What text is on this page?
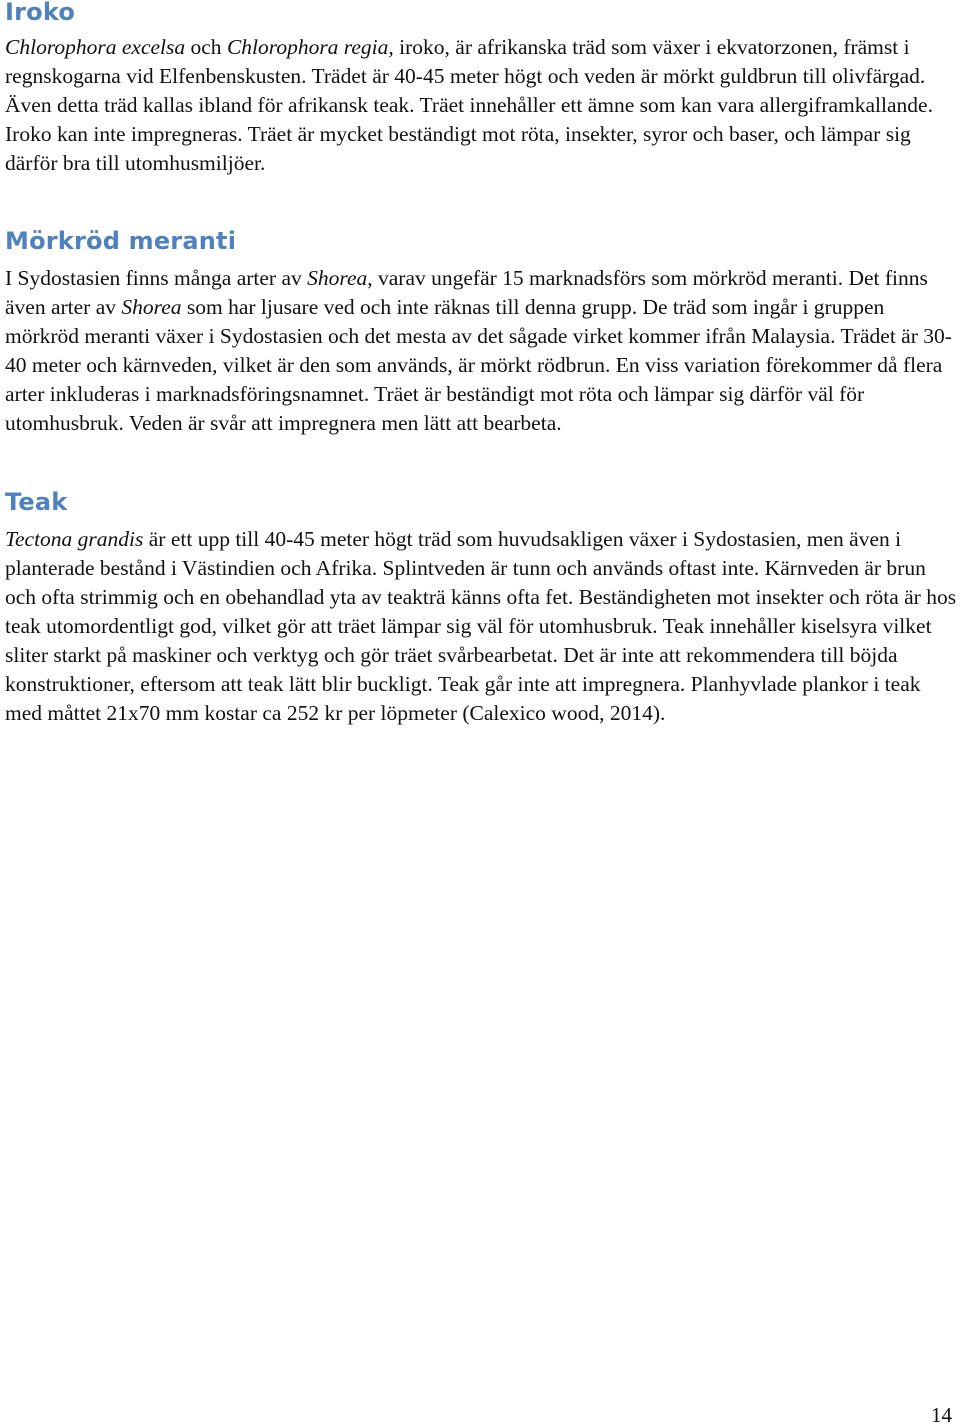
Iroko

Chlorophora excelsa och Chlorophora regia, iroko, är afrikanska träd som växer i ekvatorzonen, främst i regnskogarna vid Elfenbenskusten. Trädet är 40-45 meter högt och veden är mörkt guldbrun till olivfärgad. Även detta träd kallas ibland för afrikansk teak. Träet innehåller ett ämne som kan vara allergiframkallande. Iroko kan inte impregneras. Träet är mycket beständigt mot röta, insekter, syror och baser, och lämpar sig därför bra till utomhusmiljöer.

Mörkröd meranti

I Sydostasien finns många arter av Shorea, varav ungefär 15 marknadsförs som mörkröd meranti. Det finns även arter av Shorea som har ljusare ved och inte räknas till denna grupp. De träd som ingår i gruppen mörkröd meranti växer i Sydostasien och det mesta av det sågade virket kommer ifrån Malaysia. Trädet är 30-40 meter och kärnveden, vilket är den som används, är mörkt rödbrun. En viss variation förekommer då flera arter inkluderas i marknadsföringsnamnet. Träet är beständigt mot röta och lämpar sig därför väl för utomhusbruk. Veden är svår att impregnera men lätt att bearbeta.

Teak

Tectona grandis är ett upp till 40-45 meter högt träd som huvudsakligen växer i Sydostasien, men även i planterade bestånd i Västindien och Afrika. Splintveden är tunn och används oftast inte. Kärnveden är brun och ofta strimmig och en obehandlad yta av teakträ känns ofta fet. Beständigheten mot insekter och röta är hos teak utomordentligt god, vilket gör att träet lämpar sig väl för utomhusbruk. Teak innehåller kiselsyra vilket sliter starkt på maskiner och verktyg och gör träet svårbearbetat. Det är inte att rekommendera till böjda konstruktioner, eftersom att teak lätt blir buckligt. Teak går inte att impregnera. Planhyvlade plankor i teak med måttet 21x70 mm kostar ca 252 kr per löpmeter (Calexico wood, 2014).

14
